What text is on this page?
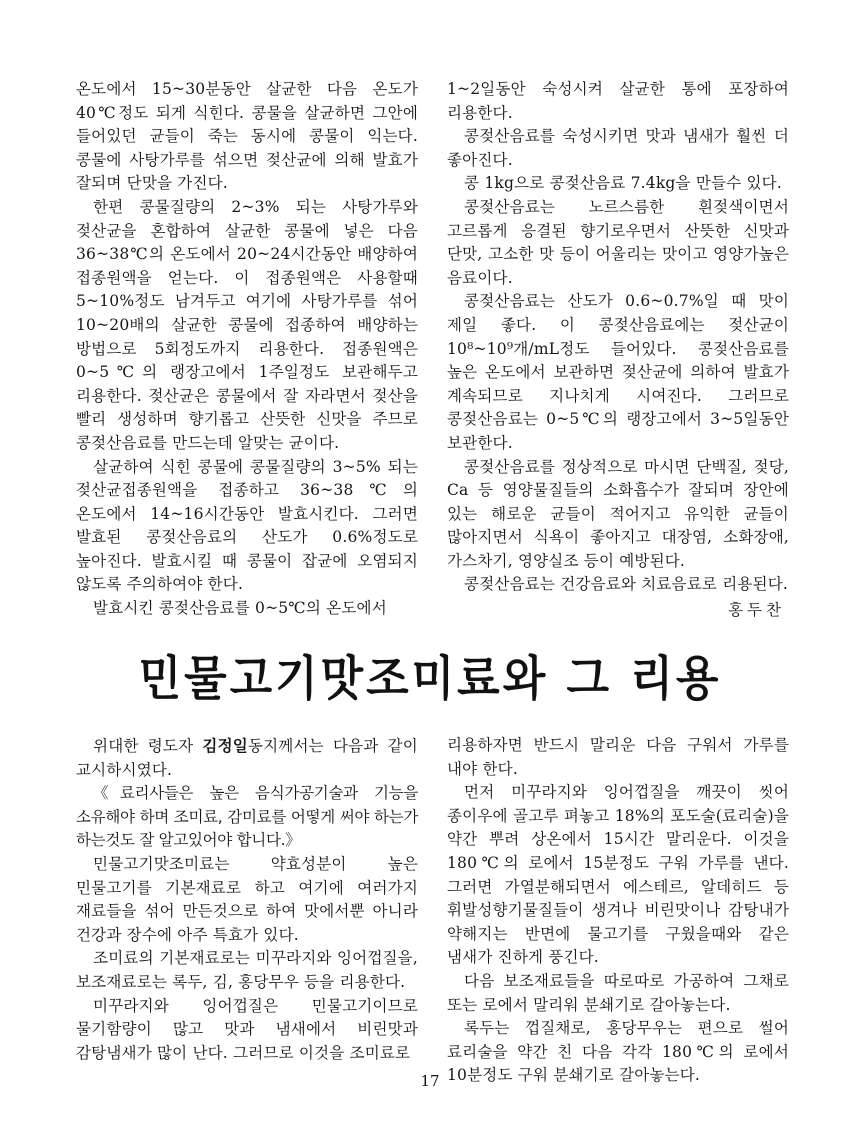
온도에서 15~30분동안 살균한 다음 온도가 40℃정도 되게 식힌다. 콩물을 살균하면 그안에 들어있던 균들이 죽는 동시에 콩물이 익는다. 콩물에 사탕가루를 섞으면 젖산균에 의해 발효가 잘되며 단맛을 가진다.

한편 콩물질량의 2~3% 되는 사탕가루와 젖산균을 혼합하여 살균한 콩물에 넣은 다음 36~38℃의 온도에서 20~24시간동안 배양하여 접종원액을 얻는다. 이 접종원액은 사용할때 5~10%정도 남겨두고 여기에 사탕가루를 섞어 10~20배의 살균한 콩물에 접종하여 배양하는 방법으로 5회정도까지 리용한다. 접종원액은 0~5℃의 랭장고에서 1주일정도 보관해두고 리용한다. 젖산균은 콩물에서 잘 자라면서 젖산을 빨리 생성하며 향기롭고 산뜻한 신맛을 주므로 콩젖산음료를 만드는데 알맞는 균이다.

살균하여 식힌 콩물에 콩물질량의 3~5% 되는 젖산균접종원액을 접종하고 36~38℃의 온도에서 14~16시간동안 발효시킨다. 그러면 발효된 콩젖산음료의 산도가 0.6%정도로 높아진다. 발효시킬 때 콩물이 잡균에 오염되지 않도록 주의하여야 한다.

발효시킨 콩젖산음료를 0~5℃의 온도에서

1~2일동안 숙성시켜 살균한 통에 포장하여 리용한다.

콩젖산음료를 숙성시키면 맛과 냄새가 훨씬 더 좋아진다.

콩 1kg으로 콩젖산음료 7.4kg을 만들수 있다.

콩젖산음료는 노르스름한 흰젖색이면서 고르롭게 응결된 향기로우면서 산뜻한 신맛과 단맛, 고소한 맛 등이 어울리는 맛이고 영양가높은 음료이다.

콩젖산음료는 산도가 0.6~0.7%일 때 맛이 제일 좋다. 이 콩젖산음료에는 젖산균이 10⁸~10⁹개/mL정도 들어있다. 콩젖산음료를 높은 온도에서 보관하면 젖산균에 의하여 발효가 계속되므로 지나치게 시여진다. 그러므로 콩젖산음료는 0~5℃의 랭장고에서 3~5일동안 보관한다.

콩젖산음료를 정상적으로 마시면 단백질, 젖당, Ca 등 영양물질들의 소화흡수가 잘되며 장안에 있는 해로운 균들이 적어지고 유익한 균들이 많아지면서 식욕이 좋아지고 대장염, 소화장애, 가스차기, 영양실조 등이 예방된다.

콩젖산음료는 건강음료와 치료음료로 리용된다.

홍두찬

민물고기맛조미료와 그 리용

위대한 령도자 김정일동지께서는 다음과 같이 교시하시였다.

《료리사들은 높은 음식가공기술과 기능을 소유해야 하며 조미료, 감미료를 어떻게 써야 하는가 하는것도 잘 알고있어야 합니다.》

민물고기맛조미료는 약효성분이 높은 민물고기를 기본재료로 하고 여기에 여러가지 재료들을 섞어 만든것으로 하여 맛에서뿐 아니라 건강과 장수에 아주 특효가 있다.

조미료의 기본재료로는 미꾸라지와 잉어껍질을, 보조재료로는 록두, 김, 홍당무우 등을 리용한다.

미꾸라지와 잉어껍질은 민물고기이므로 물기함량이 많고 맛과 냄새에서 비린맛과 감탕냄새가 많이 난다. 그러므로 이것을 조미료로

리용하자면 반드시 말리운 다음 구워서 가루를 내야 한다.

먼저 미꾸라지와 잉어껍질을 깨끗이 씻어 종이우에 골고루 펴놓고 18%의 포도술(료리술)을 약간 뿌려 상온에서 15시간 말리운다. 이것을 180℃의 로에서 15분정도 구워 가루를 낸다. 그러면 가열분해되면서 에스테르, 알데히드 등 휘발성향기물질들이 생겨나 비린맛이나 감탕내가 약해지는 반면에 물고기를 구웠을때와 같은 냄새가 진하게 풍긴다.

다음 보조재료들을 따로따로 가공하여 그채로 또는 로에서 말리워 분쇄기로 갈아놓는다.

록두는 껍질채로, 홍당무우는 편으로 썰어 료리술을 약간 친 다음 각각 180℃의 로에서 10분정도 구워 분쇄기로 갈아놓는다.

17
